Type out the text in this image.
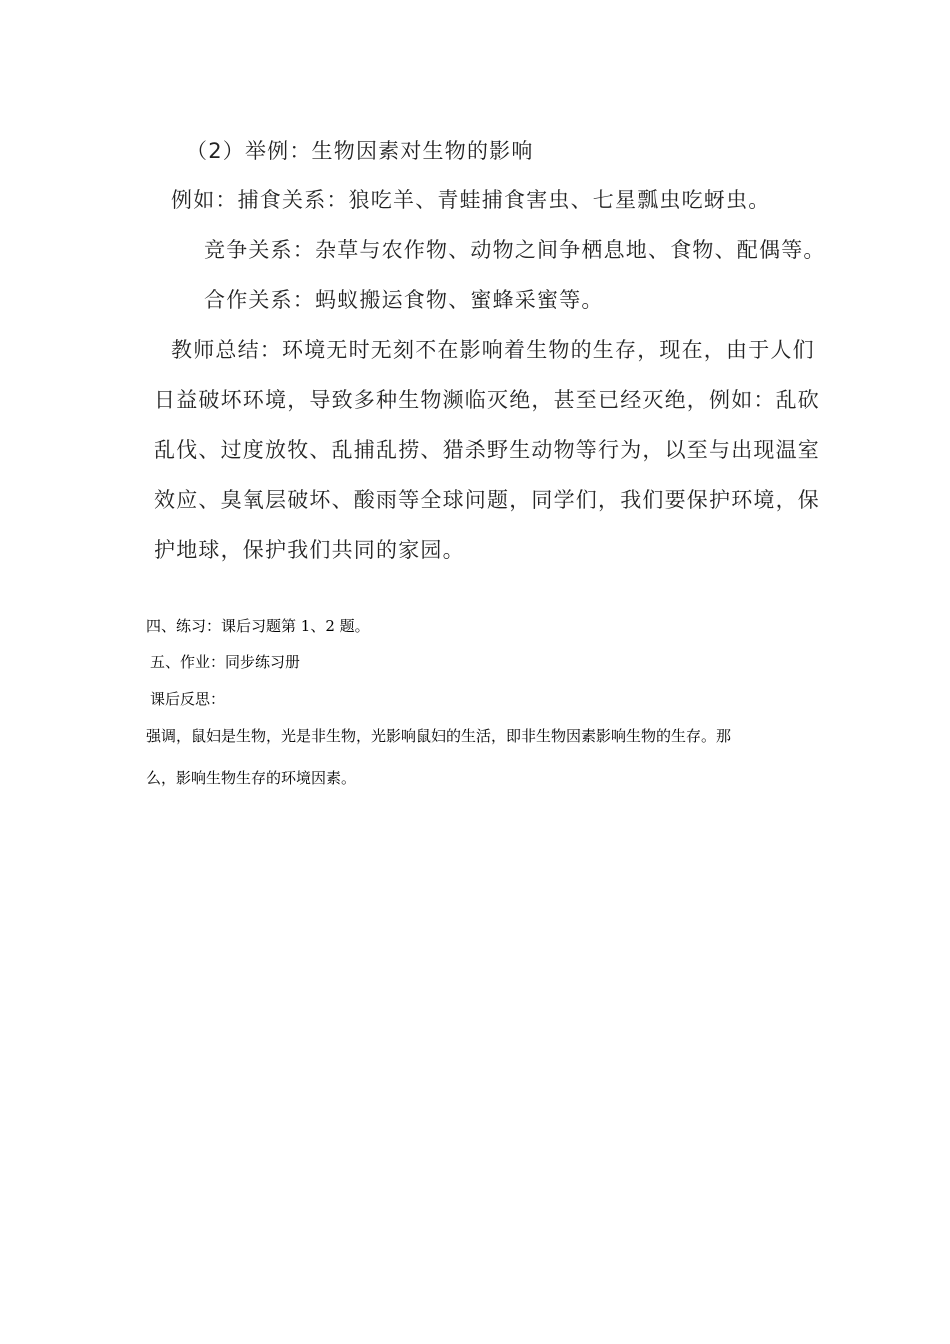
（2）举例：生物因素对生物的影响
例如：捕食关系：狼吃羊、青蛙捕食害虫、七星瓢虫吃蚜虫。
竞争关系：杂草与农作物、动物之间争栖息地、食物、配偶等。
合作关系：蚂蚁搬运食物、蜜蜂采蜜等。
教师总结：环境无时无刻不在影响着生物的生存，现在，由于人们
日益破坏环境，导致多种生物濒临灭绝，甚至已经灭绝，例如：乱砍
乱伐、过度放牧、乱捕乱捞、猎杀野生动物等行为，以至与出现温室
效应、臭氧层破坏、酸雨等全球问题，同学们，我们要保护环境，保
护地球，保护我们共同的家园。
四、练习：课后习题第 1、2 题。
五、作业：同步练习册
课后反思：
强调，鼠妇是生物，光是非生物，光影响鼠妇的生活，即非生物因素影响生物的生存。那
么，影响生物生存的环境因素。
